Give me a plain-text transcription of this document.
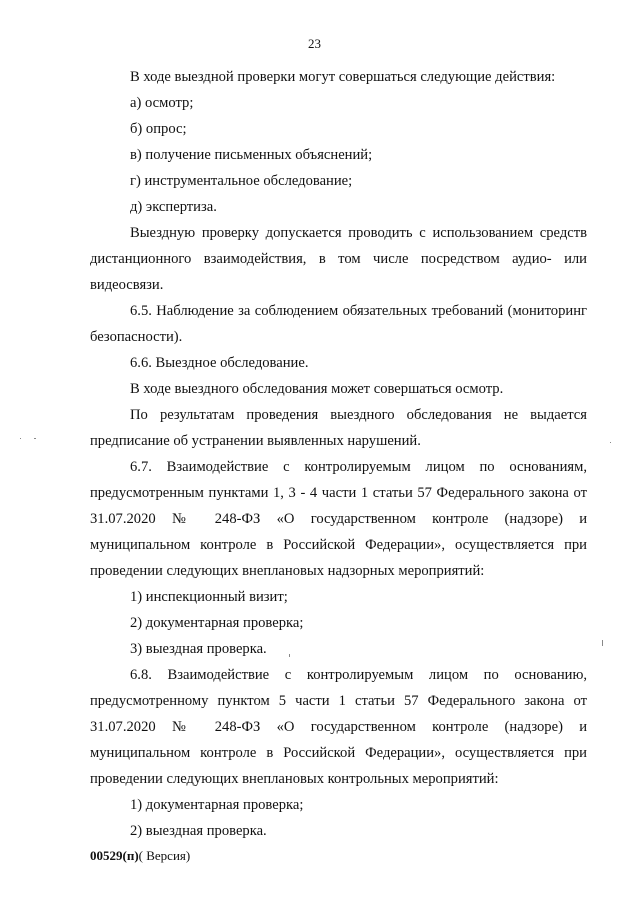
23

В ходе выездной проверки могут совершаться следующие действия:

а) осмотр;

б) опрос;

в) получение письменных объяснений;

г) инструментальное обследование;

д) экспертиза.

Выездную проверку допускается проводить с использованием средств дистанционного взаимодействия, в том числе посредством аудио- или видеосвязи.

6.5. Наблюдение за соблюдением обязательных требований (мониторинг безопасности).

6.6. Выездное обследование.

В ходе выездного обследования может совершаться осмотр.

По результатам проведения выездного обследования не выдается предписание об устранении выявленных нарушений.

6.7. Взаимодействие с контролируемым лицом по основаниям, предусмотренным пунктами 1, 3 - 4 части 1 статьи 57 Федерального закона от 31.07.2020 № 248-ФЗ «О государственном контроле (надзоре) и муниципальном контроле в Российской Федерации», осуществляется при проведении следующих внеплановых надзорных мероприятий:

1) инспекционный визит;

2) документарная проверка;

3) выездная проверка.

6.8. Взаимодействие с контролируемым лицом по основанию, предусмотренному пунктом 5 части 1 статьи 57 Федерального закона от 31.07.2020 № 248-ФЗ «О государственном контроле (надзоре) и муниципальном контроле в Российской Федерации», осуществляется при проведении следующих внеплановых контрольных мероприятий:

1) документарная проверка;

2) выездная проверка.

00529(п)( Версия)
